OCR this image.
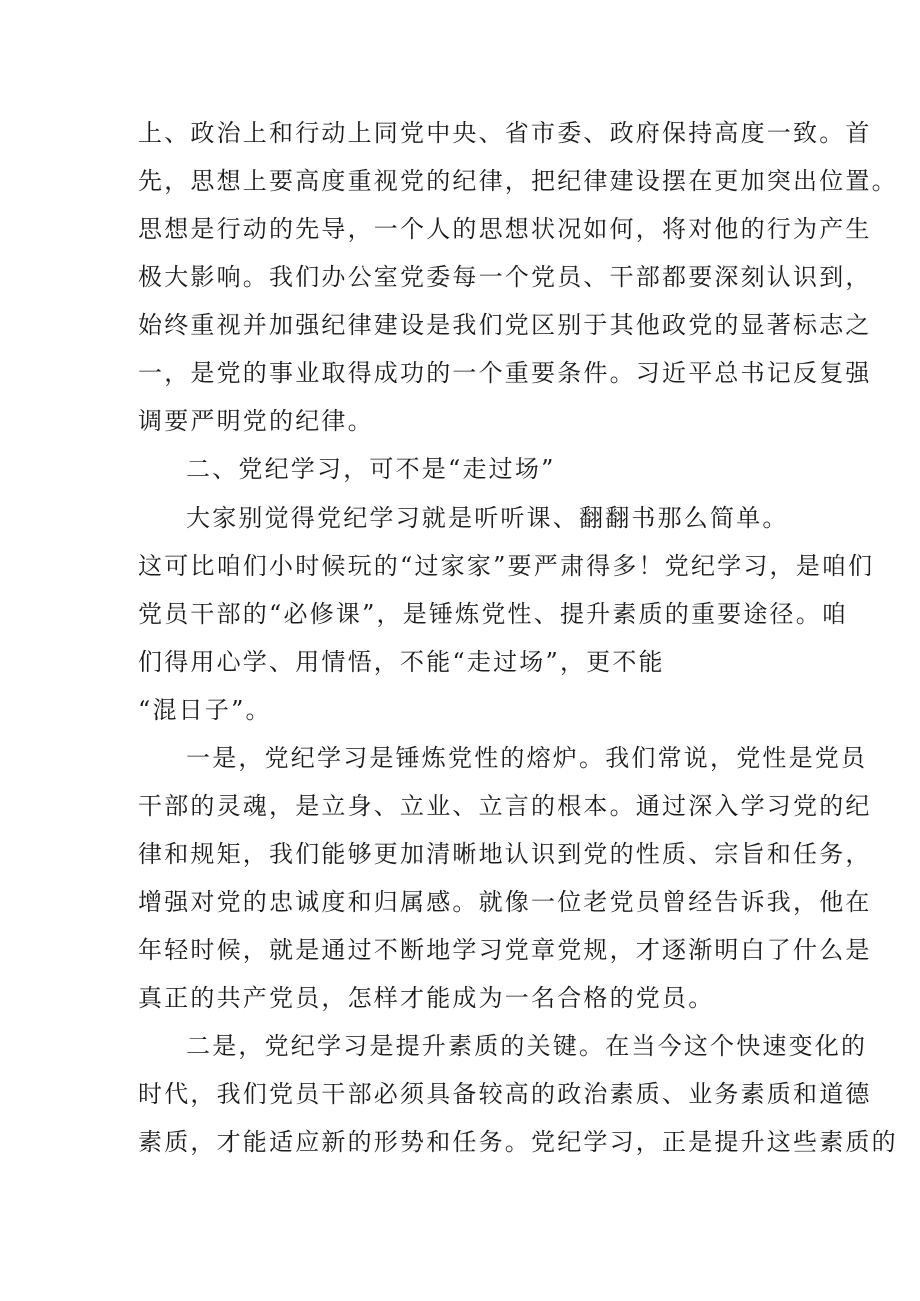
上、政治上和行动上同党中央、省市委、政府保持高度一致。首
先，思想上要高度重视党的纪律，把纪律建设摆在更加突出位置。
思想是行动的先导，一个人的思想状况如何，将对他的行为产生
极大影响。我们办公室党委每一个党员、干部都要深刻认识到，
始终重视并加强纪律建设是我们党区别于其他政党的显著标志之
一，是党的事业取得成功的一个重要条件。习近平总书记反复强
调要严明党的纪律。
二、党纪学习，可不是“走过场”
大家别觉得党纪学习就是听听课、翻翻书那么简单。
这可比咱们小时候玩的“过家家”要严肃得多！党纪学习，是咱们
党员干部的“必修课”，是锤炼党性、提升素质的重要途径。咱
们得用心学、用情悟，不能“走过场”，更不能
“混日子”。
一是，党纪学习是锤炼党性的熔炉。我们常说，党性是党员
干部的灵魂，是立身、立业、立言的根本。通过深入学习党的纪
律和规矩，我们能够更加清晰地认识到党的性质、宗旨和任务，
增强对党的忠诚度和归属感。就像一位老党员曾经告诉我，他在
年轻时候，就是通过不断地学习党章党规，才逐渐明白了什么是
真正的共产党员，怎样才能成为一名合格的党员。
二是，党纪学习是提升素质的关键。在当今这个快速变化的
时代，我们党员干部必须具备较高的政治素质、业务素质和道德
素质，才能适应新的形势和任务。党纪学习，正是提升这些素质的
